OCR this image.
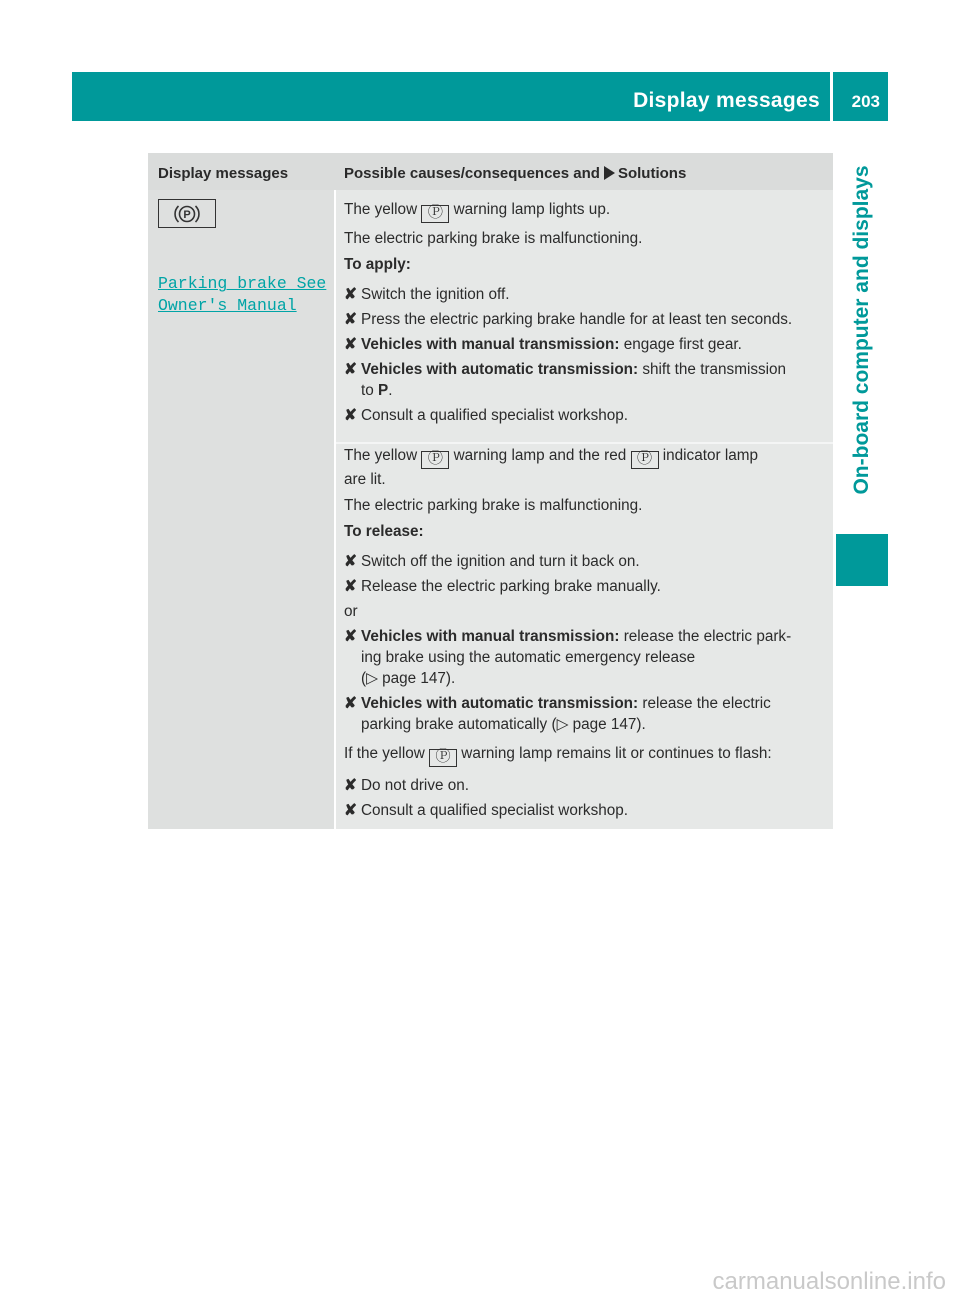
Display messages 203
On-board computer and displays
Display messages	Possible causes/consequences and Solutions
P
Parking brake See
Owner's Manual

The yellow Ⓟ warning lamp lights up.

The electric parking brake is malfunctioning.

To apply:

✘ Switch the ignition off.
✘ Press the electric parking brake handle for at least ten seconds.
✘ Vehicles with manual transmission: engage first gear.
✘ Vehicles with automatic transmission: shift the transmission
to P.
✘ Consult a qualified specialist workshop.

The yellow Ⓟ warning lamp and the red Ⓟ indicator lamp

are lit.

The electric parking brake is malfunctioning.

To release:

✘ Switch off the ignition and turn it back on.
✘ Release the electric parking brake manually.

or

✘ Vehicles with manual transmission: release the electric park-
ing brake using the automatic emergency release
(▷ page 147).
✘ Vehicles with automatic transmission: release the electric
parking brake automatically (▷ page 147).

If the yellow Ⓟ warning lamp remains lit or continues to flash:

✘ Do not drive on.
✘ Consult a qualified specialist workshop.
carmanualsonline.info
